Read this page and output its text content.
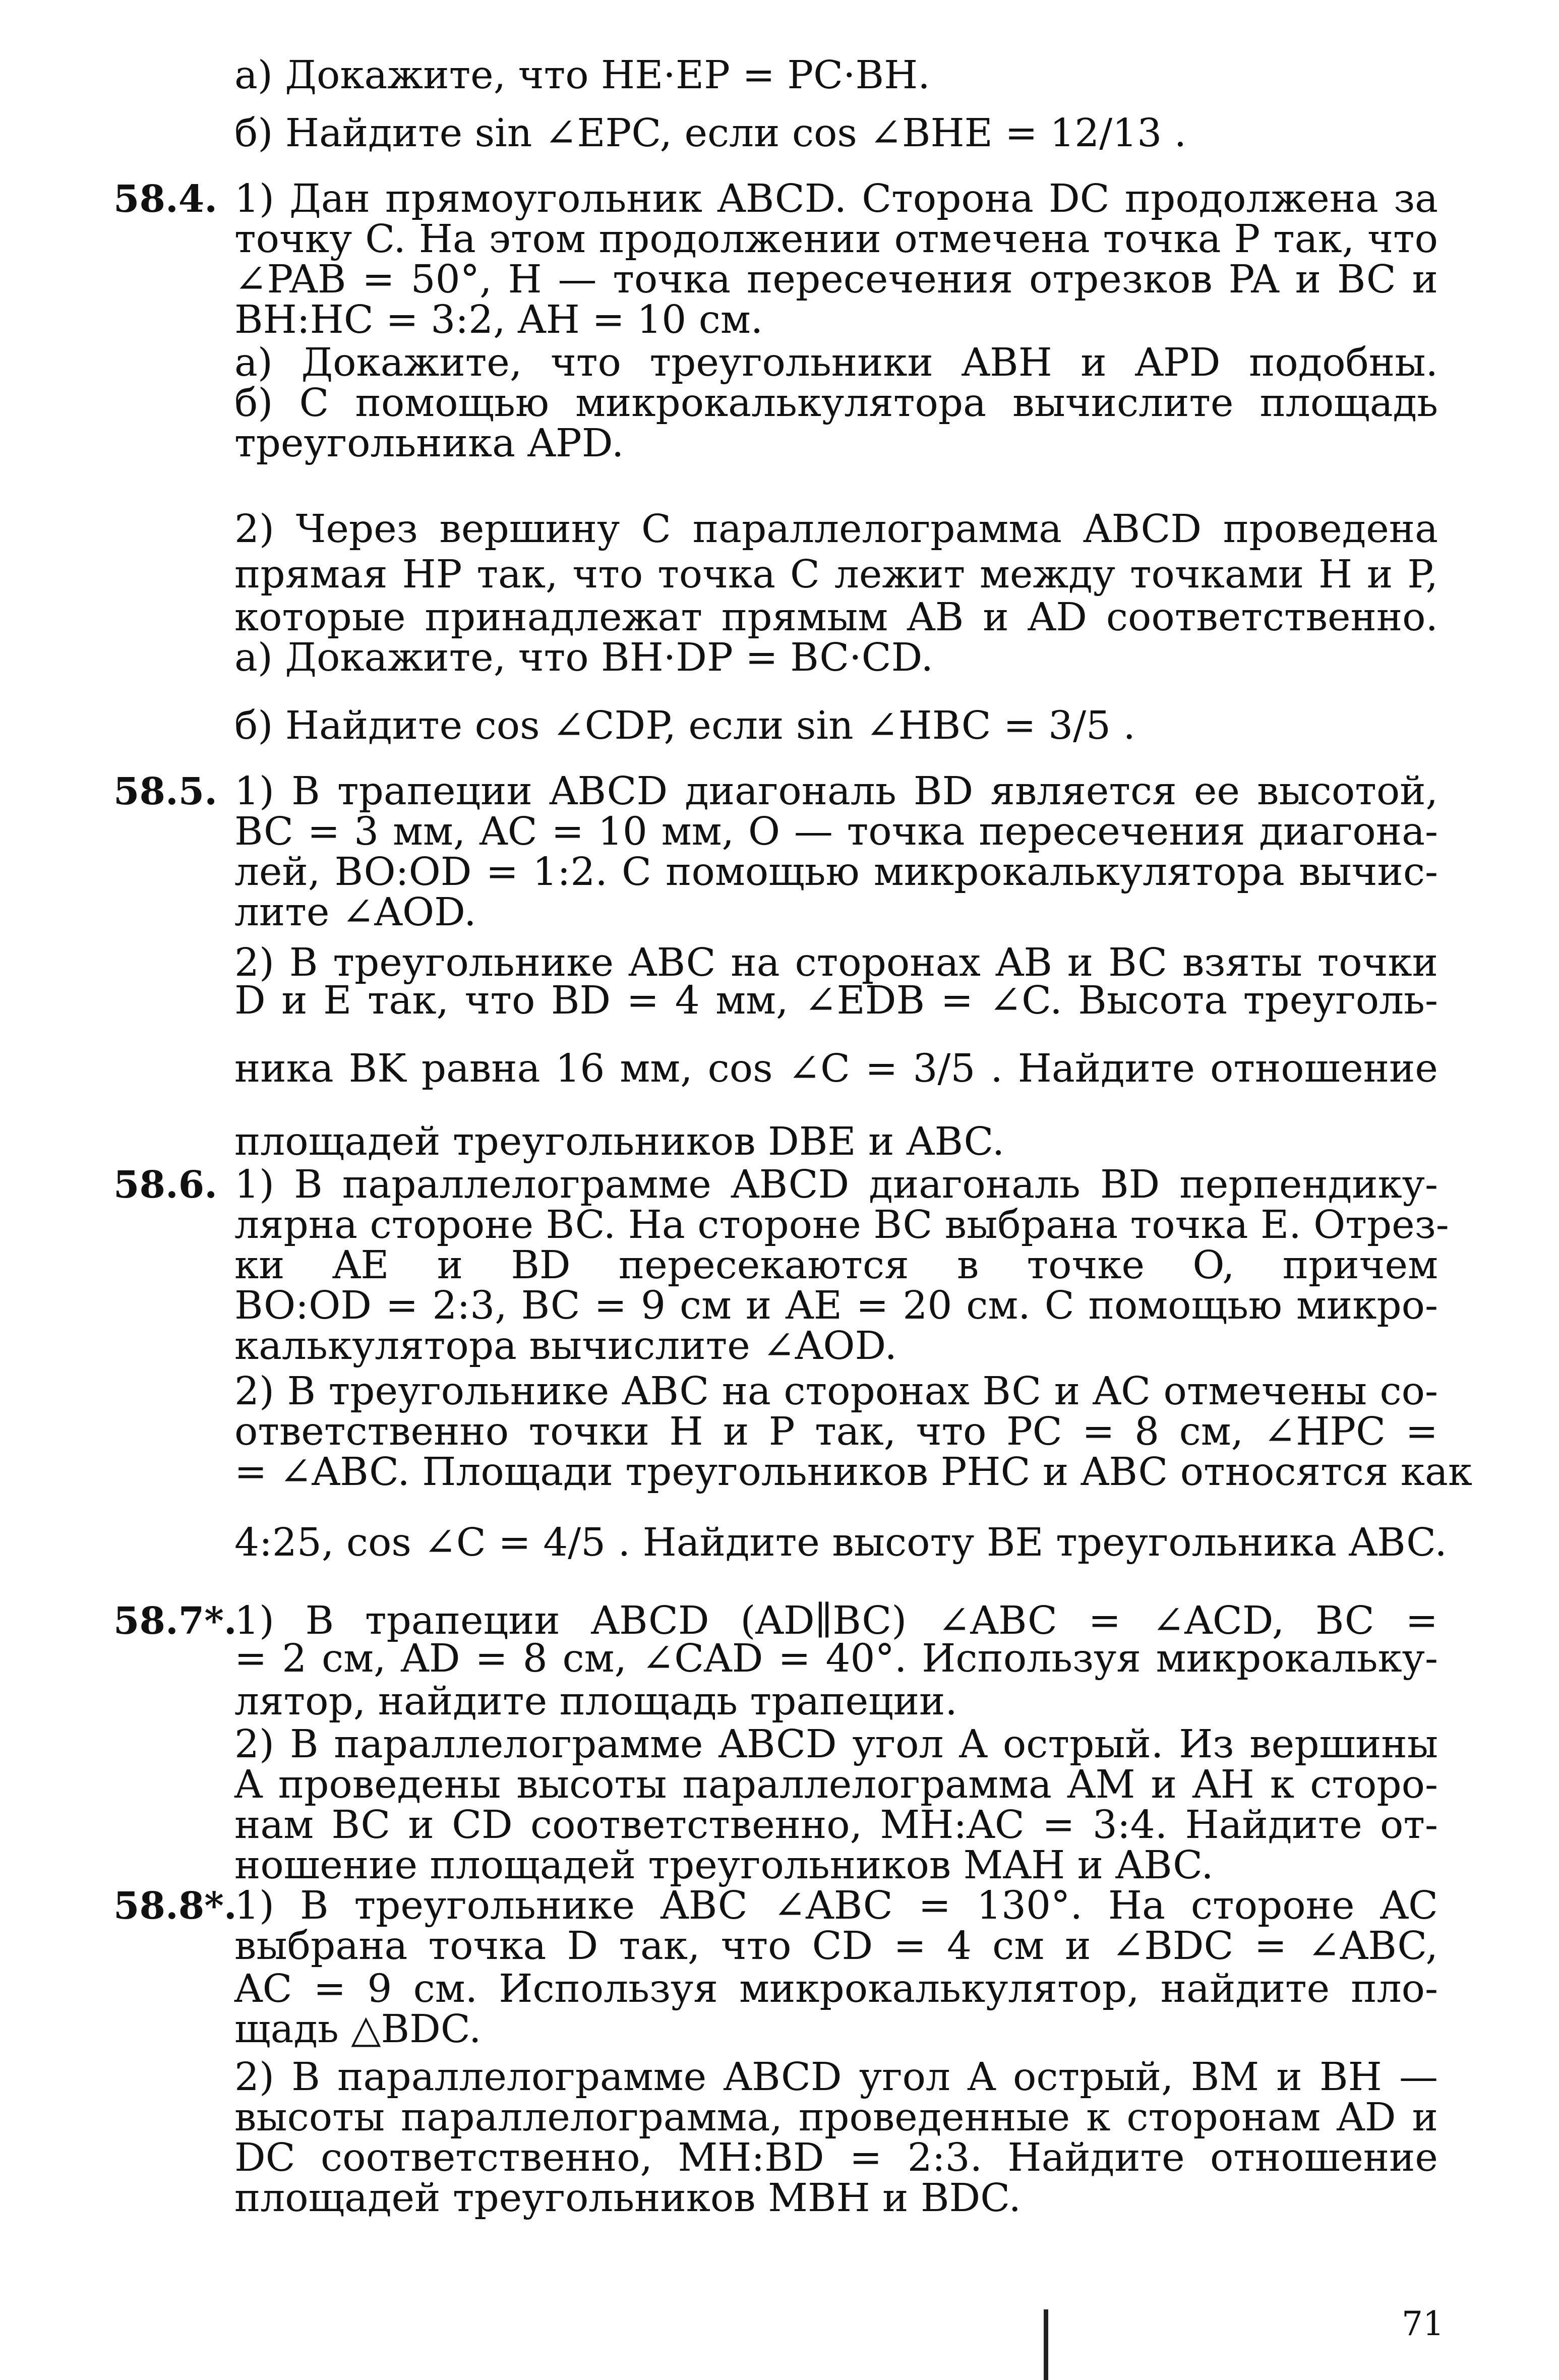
а) Докажите, что HE·EP = PC·BH.
б) Найдите sin ∠EPC, если cos ∠BHE = 12/13 .
58.4. 1) Дан прямоугольник ABCD. Сторона DC продолжена за
точку C. На этом продолжении отмечена точка P так, что
∠PAB = 50°, H — точка пересечения отрезков PA и BC и
BH:HC = 3:2, AH = 10 см.
а) Докажите, что треугольники ABH и APD подобны.
б) С помощью микрокалькулятора вычислите площадь
треугольника APD.
2) Через вершину C параллелограмма ABCD проведена
прямая HP так, что точка C лежит между точками H и P,
которые принадлежат прямым AB и AD соответственно.
а) Докажите, что BH·DP = BC·CD.
б) Найдите cos ∠CDP, если sin ∠HBC = 3/5 .
58.5. 1) В трапеции ABCD диагональ BD является ее высотой,
BC = 3 мм, AC = 10 мм, O — точка пересечения диагона-
лей, BO:OD = 1:2. С помощью микрокалькулятора вычис-
лите ∠AOD.
2) В треугольнике ABC на сторонах AB и BC взяты точки
D и E так, что BD = 4 мм, ∠EDB = ∠C. Высота треуголь-
ника BK равна 16 мм, cos ∠C = 3/5 . Найдите отношение
площадей треугольников DBE и ABC.
58.6. 1) В параллелограмме ABCD диагональ BD перпендику-
лярна стороне BC. На стороне BC выбрана точка E. Отрез-
ки AE и BD пересекаются в точке O, причем
BO:OD = 2:3, BC = 9 см и AE = 20 см. С помощью микро-
калькулятора вычислите ∠AOD.
2) В треугольнике ABC на сторонах BC и AC отмечены со-
ответственно точки H и P так, что PC = 8 см, ∠HPC =
= ∠ABC. Площади треугольников PHC и ABC относятся как
4:25, cos ∠C = 4/5 . Найдите высоту BE треугольника ABC.
58.7*.
1) В трапеции ABCD (AD∥BC) ∠ABC = ∠ACD, BC =
= 2 см, AD = 8 см, ∠CAD = 40°. Используя микрокальку-
лятор, найдите площадь трапеции.
2) В параллелограмме ABCD угол A острый. Из вершины
A проведены высоты параллелограмма AM и AH к сторо-
нам BC и CD соответственно, MH:AC = 3:4. Найдите от-
ношение площадей треугольников MAH и ABC.
58.8*.
1) В треугольнике ABC ∠ABC = 130°. На стороне AC
выбрана точка D так, что CD = 4 см и ∠BDC = ∠ABC,
AC = 9 см. Используя микрокалькулятор, найдите пло-
щадь △BDC.
2) В параллелограмме ABCD угол A острый, BM и BH —
высоты параллелограмма, проведенные к сторонам AD и
DC соответственно, MH:BD = 2:3. Найдите отношение
площадей треугольников MBH и BDC.
71
